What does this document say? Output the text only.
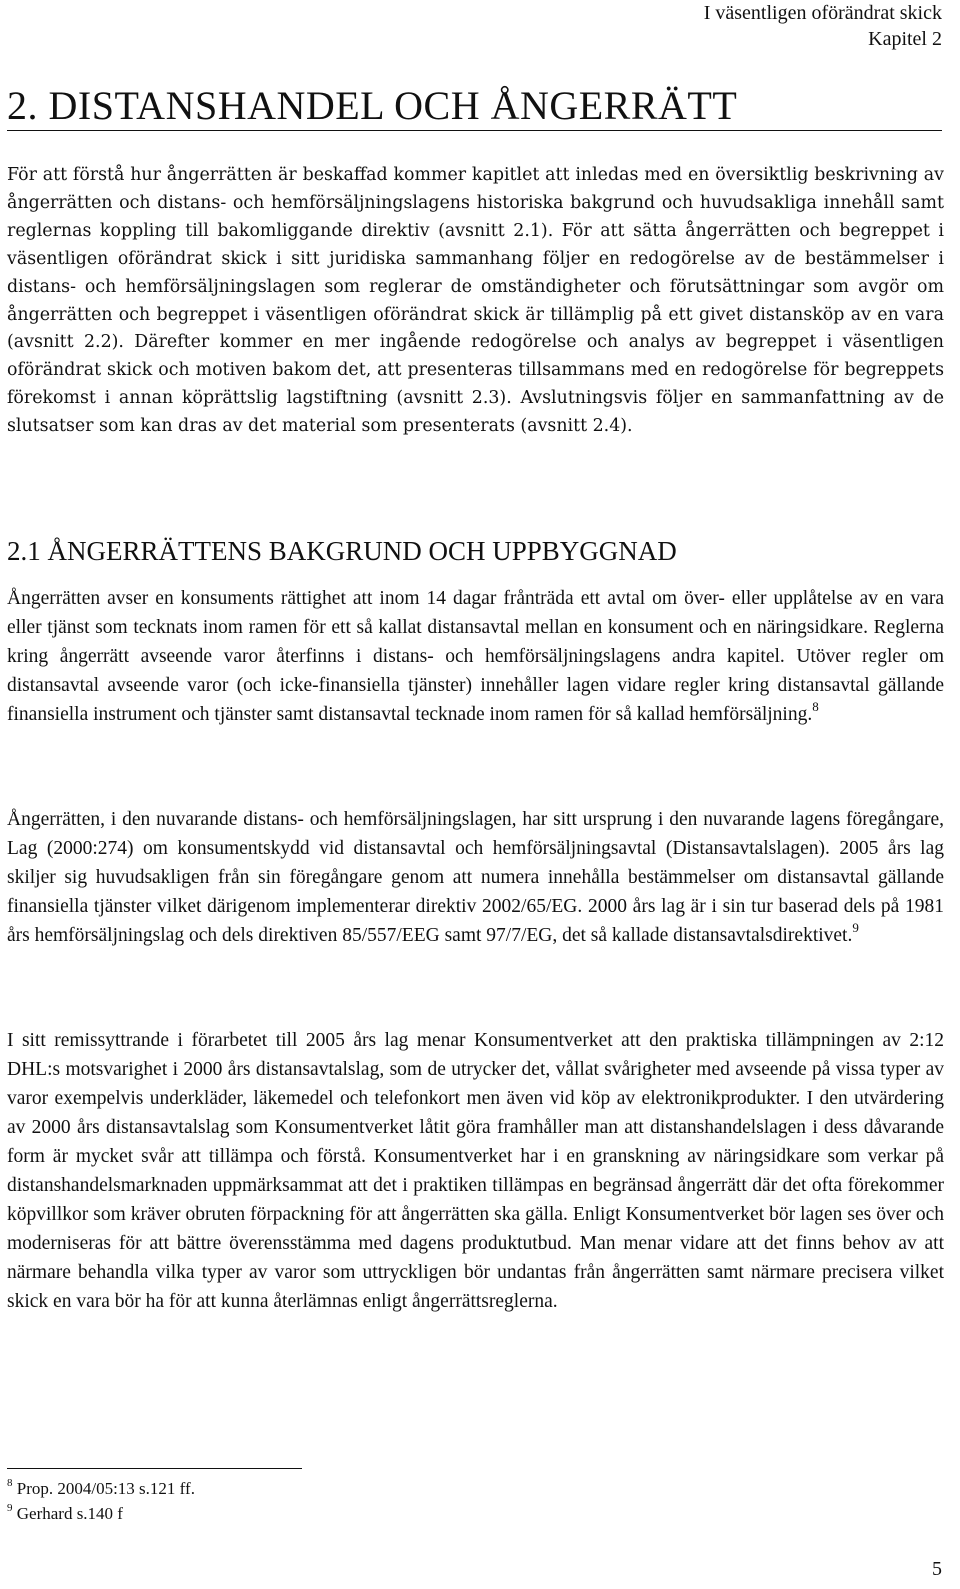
I väsentligen oförändrat skick
Kapitel 2
2. DISTANSHANDEL OCH ÅNGERRÄTT

För att förstå hur ångerrätten är beskaffad kommer kapitlet att inledas med en översiktlig beskrivning av ångerrätten och distans- och hemförsäljningslagens historiska bakgrund och huvudsakliga innehåll samt reglernas koppling till bakomliggande direktiv (avsnitt 2.1). För att sätta ångerrätten och begreppet i väsentligen oförändrat skick i sitt juridiska sammanhang följer en redogörelse av de bestämmelser i distans- och hemförsäljningslagen som reglerar de omständigheter och förutsättningar som avgör om ångerrätten och begreppet i väsentligen oförändrat skick är tillämplig på ett givet distansköp av en vara (avsnitt 2.2). Därefter kommer en mer ingående redogörelse och analys av begreppet i väsentligen oförändrat skick och motiven bakom det, att presenteras tillsammans med en redogörelse för begreppets förekomst i annan köprättslig lagstiftning (avsnitt 2.3). Avslutningsvis följer en sammanfattning av de slutsatser som kan dras av det material som presenterats (avsnitt 2.4).

2.1 ÅNGERRÄTTENS BAKGRUND OCH UPPBYGGNAD

Ångerrätten avser en konsuments rättighet att inom 14 dagar frånträda ett avtal om över- eller upplåtelse av en vara eller tjänst som tecknats inom ramen för ett så kallat distansavtal mellan en konsument och en näringsidkare. Reglerna kring ångerrätt avseende varor återfinns i distans- och hemförsäljningslagens andra kapitel. Utöver regler om distansavtal avseende varor (och icke-finansiella tjänster) innehåller lagen vidare regler kring distansavtal gällande finansiella instrument och tjänster samt distansavtal tecknade inom ramen för så kallad hemförsäljning.$^8$

Ångerrätten, i den nuvarande distans- och hemförsäljningslagen, har sitt ursprung i den nuvarande lagens föregångare, Lag (2000:274) om konsumentskydd vid distansavtal och hemförsäljningsavtal (Distansavtalslagen). 2005 års lag skiljer sig huvudsakligen från sin föregångare genom att numera innehålla bestämmelser om distansavtal gällande finansiella tjänster vilket därigenom implementerar direktiv 2002/65/EG. 2000 års lag är i sin tur baserad dels på 1981 års hemförsäljningslag och dels direktiven 85/557/EEG samt 97/7/EG, det så kallade distansavtalsdirektivet.$^9$

I sitt remissyttrande i förarbetet till 2005 års lag menar Konsumentverket att den praktiska tillämpningen av 2:12 DHL:s motsvarighet i 2000 års distansavtalslag, som de utrycker det, vållat svårigheter med avseende på vissa typer av varor exempelvis underkläder, läkemedel och telefonkort men även vid köp av elektronikprodukter. I den utvärdering av 2000 års distansavtalslag som Konsumentverket låtit göra framhåller man att distanshandelslagen i dess dåvarande form är mycket svår att tillämpa och förstå. Konsumentverket har i en granskning av näringsidkare som verkar på distanshandelsmarknaden uppmärksammat att det i praktiken tillämpas en begränsad ångerrätt där det ofta förekommer köpvillkor som kräver obruten förpackning för att ångerrätten ska gälla. Enligt Konsumentverket bör lagen ses över och moderniseras för att bättre överensstämma med dagens produktutbud. Man menar vidare att det finns behov av att närmare behandla vilka typer av varor som uttryckligen bör undantas från ångerrätten samt närmare precisera vilket skick en vara bör ha för att kunna återlämnas enligt ångerrättsreglerna.

$^8$ Prop. 2004/05:13 s.121 ff.
$^9$ Gerhard s.140 f
5
